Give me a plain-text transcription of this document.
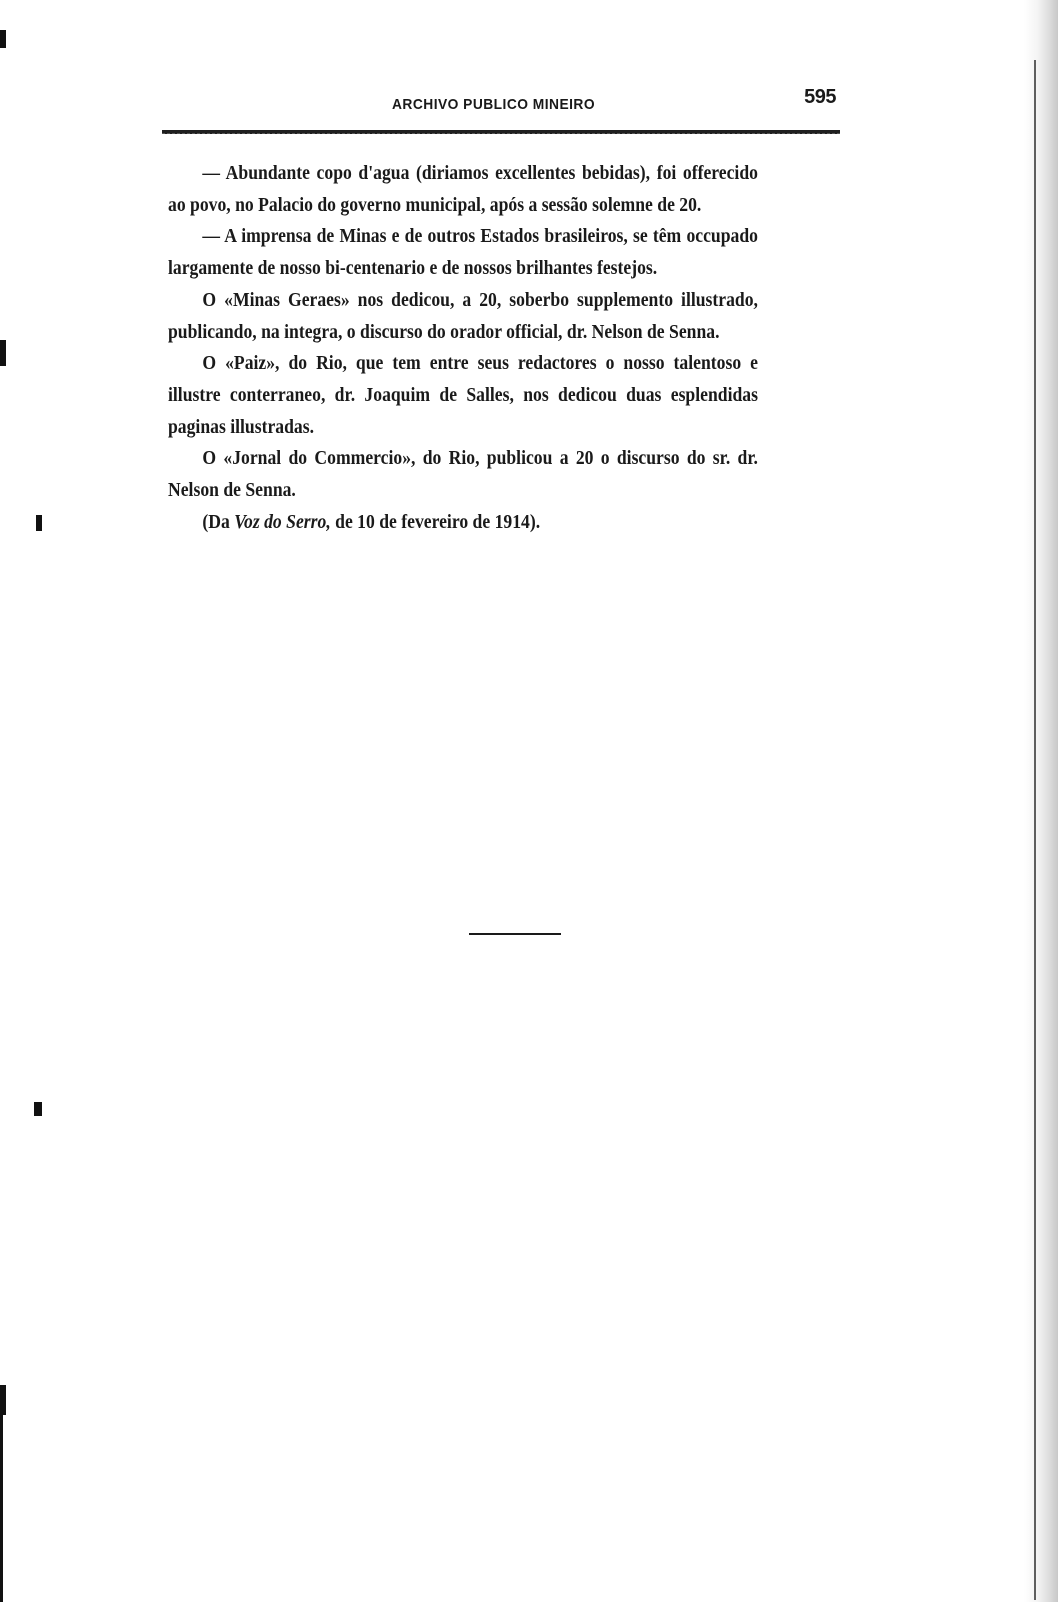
ARCHIVO PUBLICO MINEIRO	595

— Abundante copo d'agua (diriamos excellentes bebidas), foi offerecido ao povo, no Palacio do governo municipal, após a sessão solemne de 20.

— A imprensa de Minas e de outros Estados brasileiros, se têm occupado largamente de nosso bi-centenario e de nossos brilhantes festejos.

O «Minas Geraes» nos dedicou, a 20, soberbo supplemento illustrado, publicando, na integra, o discurso do orador official, dr. Nelson de Senna.

O «Paiz», do Rio, que tem entre seus redactores o nosso talentoso e illustre conterraneo, dr. Joaquim de Salles, nos dedicou duas esplendidas paginas illustradas.

O «Jornal do Commercio», do Rio, publicou a 20 o discurso do sr. dr. Nelson de Senna.

(Da Voz do Serro, de 10 de fevereiro de 1914).
